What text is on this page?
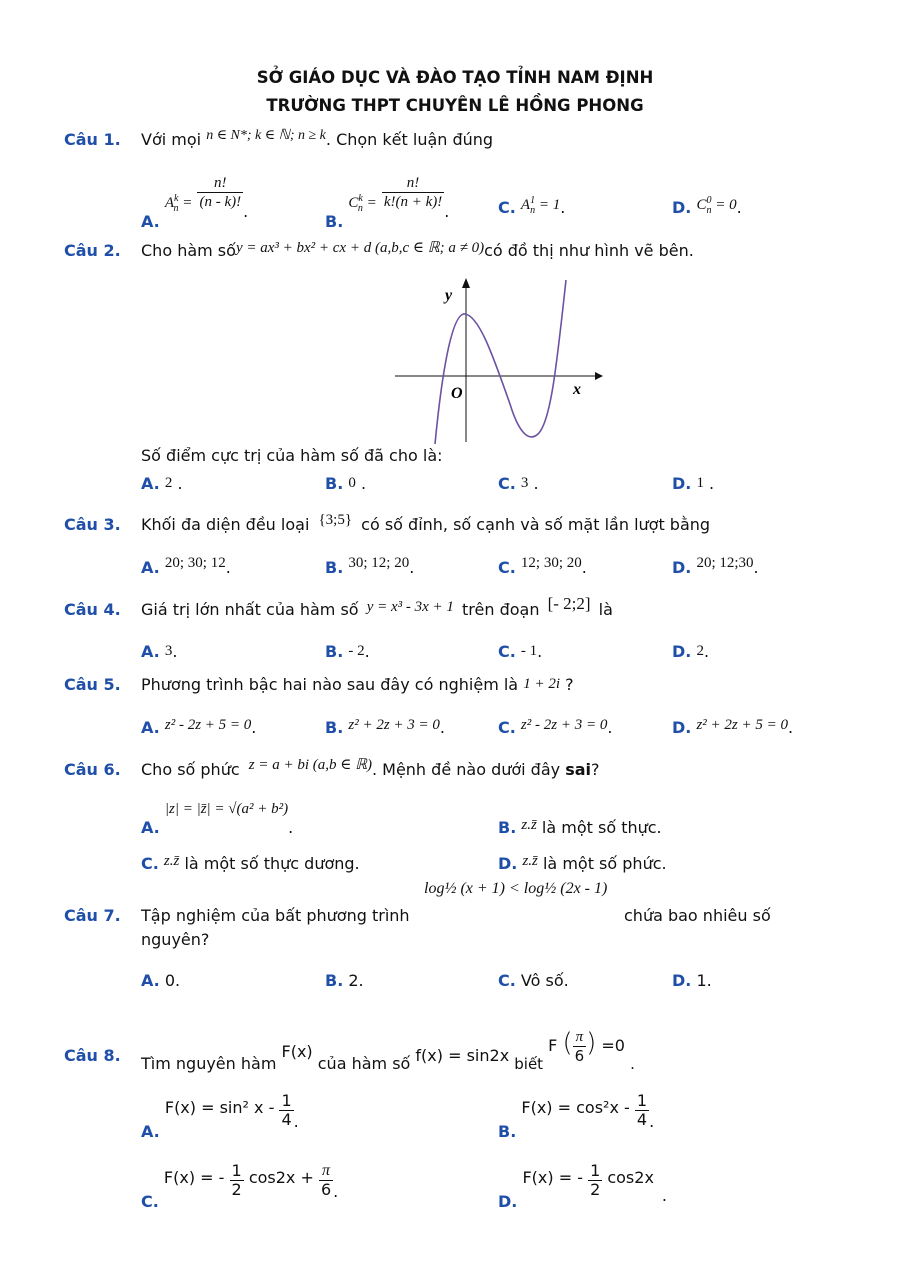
SỞ GIÁO DỤC VÀ ĐÀO TẠO TỈNH NAM ĐỊNH
TRƯỜNG THPT CHUYÊN LÊ HỒNG PHONG
Câu 1. Với mọi n ∈ N*; k ∈ ℕ; n ≥ k. Chọn kết luận đúng
A. $A^k_n = \frac{n!}{(n - k)!}$
.
B. $C^k_n = \frac{n!}{k!(n + k)!}$
.	C. $A^1_n = 1$.	D. $C^0_n = 0$.
Câu 2. Cho hàm sốy = ax³ + bx² + cx + d (a,b,c ∈ ℝ; a ≠ 0)có đồ thị như hình vẽ bên.
y
x
O
Số điểm cực trị của hàm số đã cho là:
A. 2 .	B. 0 .	C. 3 .	D. 1 .
Câu 3. Khối đa diện đều loại {3;5} có số đỉnh, số cạnh và số mặt lần lượt bằng
A. 20; 30; 12.	B. 30; 12; 20.	C. 12; 30; 20.	D. 20; 12;30.
Câu 4. Giá trị lớn nhất của hàm số y = x³ - 3x + 1 trên đoạn [- 2;2] là
A. 3.	B. - 2.	C. - 1.	D. 2.
Câu 5. Phương trình bậc hai nào sau đây có nghiệm là 1 + 2i ?
A. z² - 2z + 5 = 0.	B. z² + 2z + 3 = 0.	C. z² - 2z + 3 = 0.	D. z² + 2z + 5 = 0.
Câu 6. Cho số phức z = a + bi (a,b ∈ ℝ). Mệnh đề nào dưới đây sai?
A. |z| = |z̄| = √(a² + b²).	B. z.z̄ là một số thực.
C. z.z̄ là một số thực dương.	D. z.z̄ là một số phức.
Câu 7. Tập nghiệm của bất phương trình
log½ (x + 1) < log½ (2x - 1)
chứa bao nhiêu số
nguyên?
A. 0.	B. 2.	C. Vô số.	D. 1.
Câu 8. Tìm nguyên hàm F(x) của hàm số f(x) = sin2x biết F ( $\frac{\pi}{6}$ ) =0 .
A. F(x) = sin² x - $\frac{1}{4}$ .
B. $F(x) = \cos^2x - \frac{1}{4}$ .
C. F(x) = - $\frac{1}{2} \cos 2x + \frac{\pi}{6}$ .
D. F(x) = - $\frac{1}{2} \cos 2x$.
